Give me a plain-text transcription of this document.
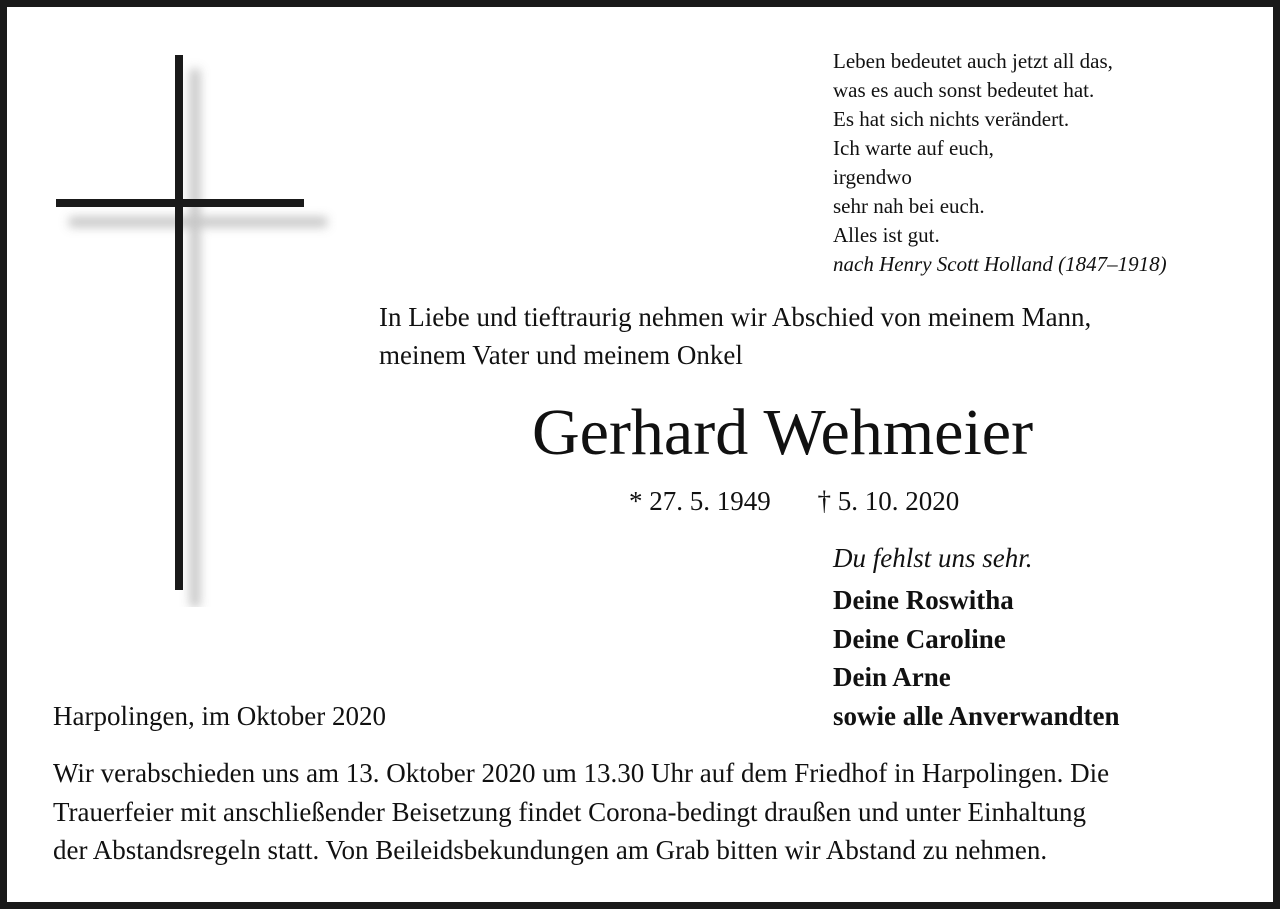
Leben bedeutet auch jetzt all das,
was es auch sonst bedeutet hat.
Es hat sich nichts verändert.
Ich warte auf euch,
irgendwo
sehr nah bei euch.
Alles ist gut.
nach Henry Scott Holland (1847–1918)
In Liebe und tieftraurig nehmen wir Abschied von meinem Mann,
meinem Vater und meinem Onkel
Gerhard Wehmeier
* 27. 5. 1949 † 5. 10. 2020
Du fehlst uns sehr.
Deine Roswitha
Deine Caroline
Dein Arne
sowie alle Anverwandten
Harpolingen, im Oktober 2020
Wir verabschieden uns am 13. Oktober 2020 um 13.30 Uhr auf dem Friedhof in Harpolingen. Die
Trauerfeier mit anschließender Beisetzung findet Corona-bedingt draußen und unter Einhaltung
der Abstandsregeln statt. Von Beileidsbekundungen am Grab bitten wir Abstand zu nehmen.
